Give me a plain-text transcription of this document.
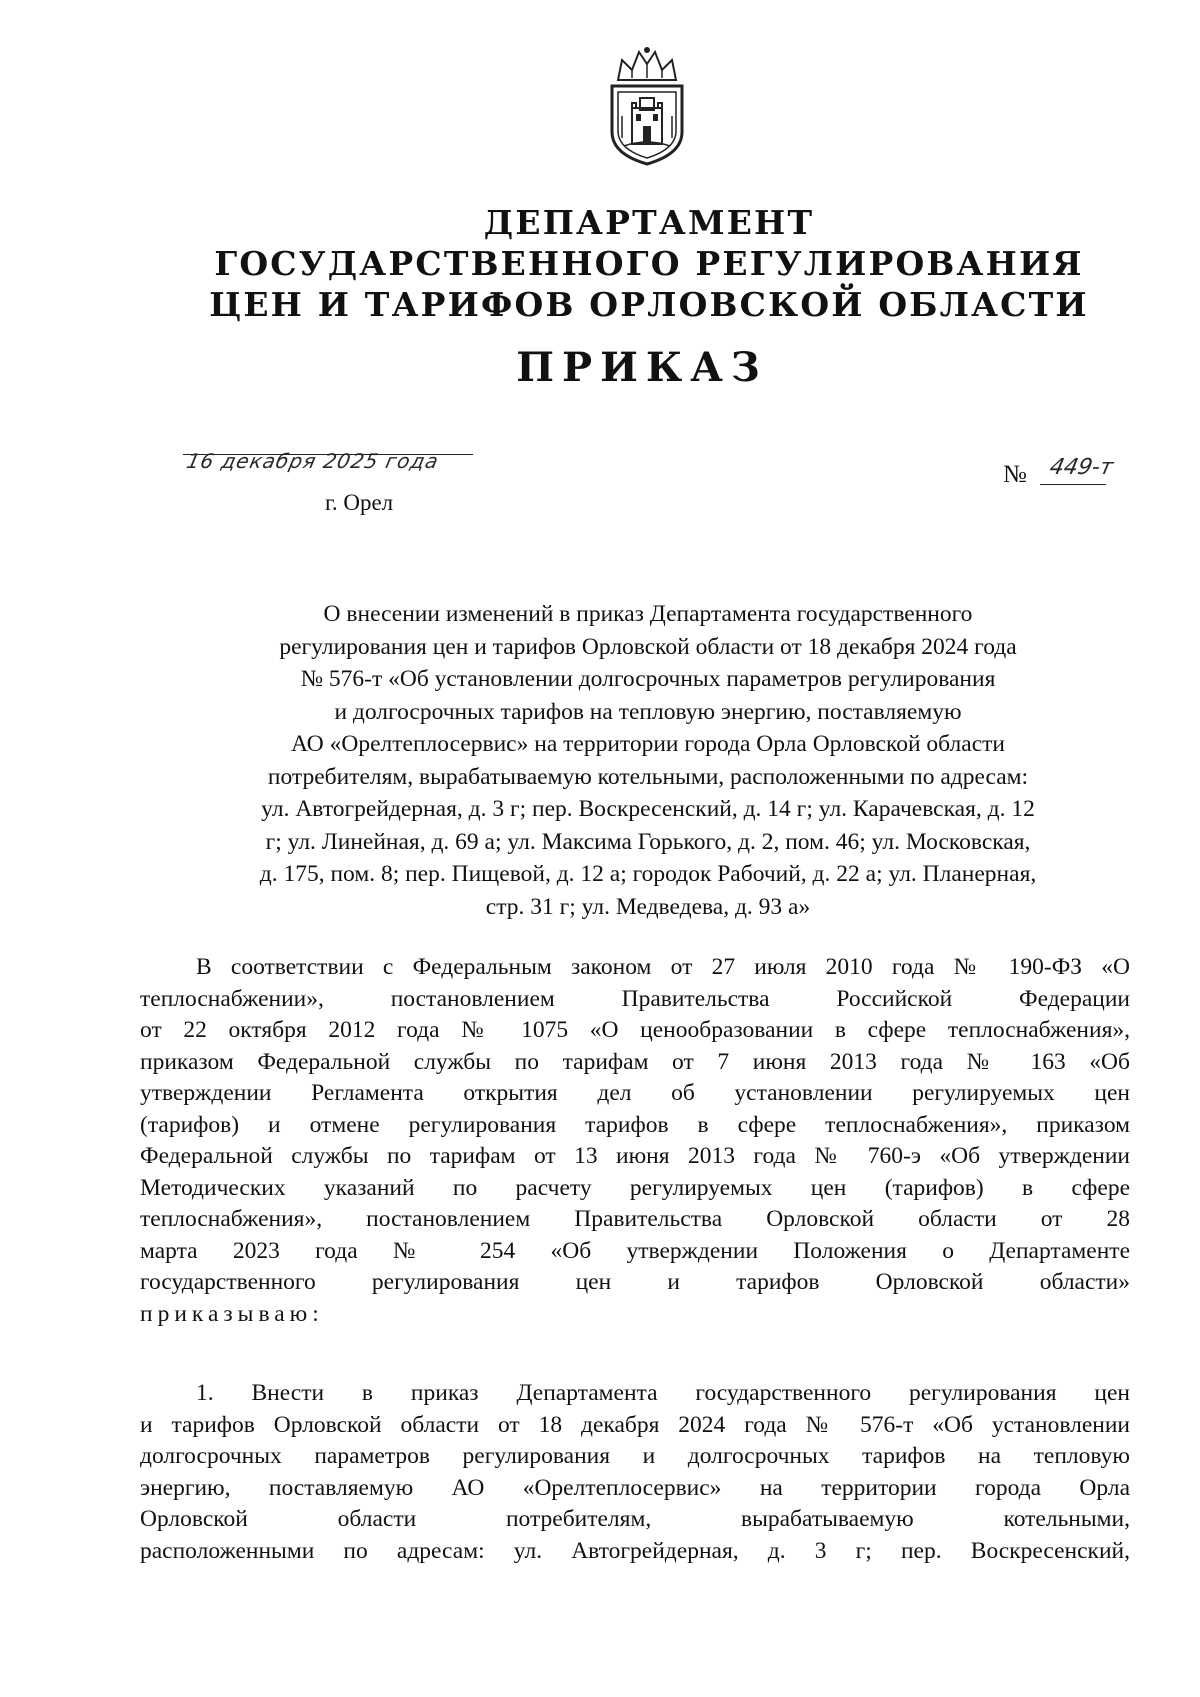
ДЕПАРТАМЕНТ
ГОСУДАРСТВЕННОГО РЕГУЛИРОВАНИЯ
ЦЕН И ТАРИФОВ ОРЛОВСКОЙ ОБЛАСТИ
ПРИКАЗ
16 декабря 2025 года
г. Орел
№ 449-т
О внесении изменений в приказ Департамента государственного
регулирования цен и тарифов Орловской области от 18 декабря 2024 года
№ 576-т «Об установлении долгосрочных параметров регулирования
и долгосрочных тарифов на тепловую энергию, поставляемую
АО «Орелтеплосервис» на территории города Орла Орловской области
потребителям, вырабатываемую котельными, расположенными по адресам:
ул. Автогрейдерная, д. 3 г; пер. Воскресенский, д. 14 г; ул. Карачевская, д. 12
г; ул. Линейная, д. 69 а; ул. Максима Горького, д. 2, пом. 46; ул. Московская,
д. 175, пом. 8; пер. Пищевой, д. 12 а; городок Рабочий, д. 22 а; ул. Планерная,
стр. 31 г; ул. Медведева, д. 93 а»
В соответствии с Федеральным законом от 27 июля 2010 года № 190-ФЗ «О
теплоснабжении», постановлением Правительства Российской Федерации
от 22 октября 2012 года № 1075 «О ценообразовании в сфере теплоснабжения»,
приказом Федеральной службы по тарифам от 7 июня 2013 года № 163 «Об
утверждении Регламента открытия дел об установлении регулируемых цен
(тарифов) и отмене регулирования тарифов в сфере теплоснабжения», приказом
Федеральной службы по тарифам от 13 июня 2013 года № 760-э «Об утверждении
Методических указаний по расчету регулируемых цен (тарифов) в сфере
теплоснабжения», постановлением Правительства Орловской области от 28
марта 2023 года № 254 «Об утверждении Положения о Департаменте
государственного регулирования цен и тарифов Орловской области»
приказываю:
1. Внести в приказ Департамента государственного регулирования цен
и тарифов Орловской области от 18 декабря 2024 года № 576-т «Об установлении
долгосрочных параметров регулирования и долгосрочных тарифов на тепловую
энергию, поставляемую АО «Орелтеплосервис» на территории города Орла
Орловской области потребителям, вырабатываемую котельными,
расположенными по адресам: ул. Автогрейдерная, д. 3 г; пер. Воскресенский,
